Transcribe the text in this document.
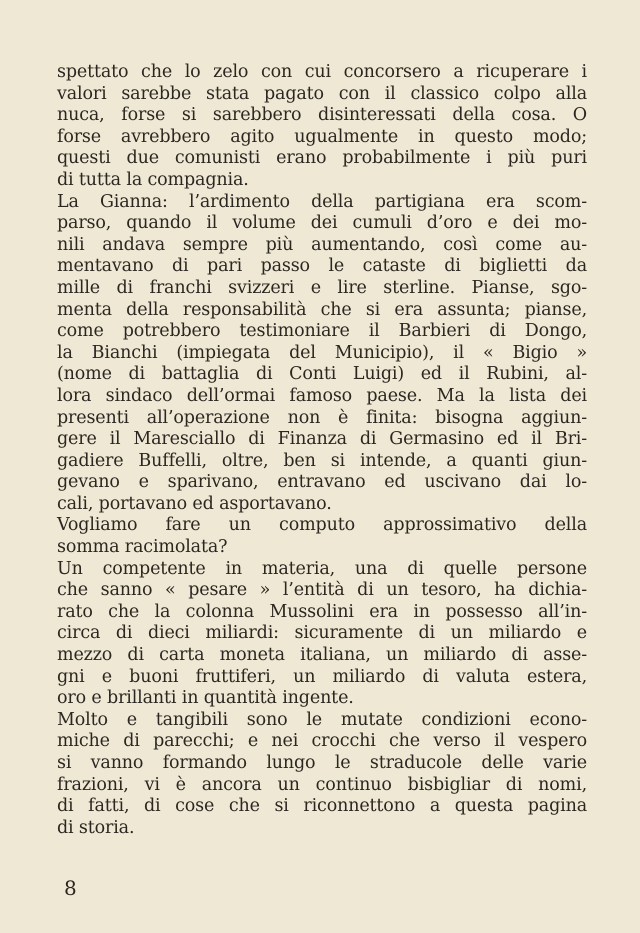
spettato che lo zelo con cui concorsero a ricuperare i
valori sarebbe stata pagato con il classico colpo alla
nuca, forse si sarebbero disinteressati della cosa. O
forse avrebbero agito ugualmente in questo modo;
questi due comunisti erano probabilmente i più puri
di tutta la compagnia.
La Gianna: l’ardimento della partigiana era scom-
parso, quando il volume dei cumuli d’oro e dei mo-
nili andava sempre più aumentando, così come au-
mentavano di pari passo le cataste di biglietti da
mille di franchi svizzeri e lire sterline. Pianse, sgo-
menta della responsabilità che si era assunta; pianse,
come potrebbero testimoniare il Barbieri di Dongo,
la Bianchi (impiegata del Municipio), il « Bigio »
(nome di battaglia di Conti Luigi) ed il Rubini, al-
lora sindaco dell’ormai famoso paese. Ma la lista dei
presenti all’operazione non è finita: bisogna aggiun-
gere il Maresciallo di Finanza di Germasino ed il Bri-
gadiere Buffelli, oltre, ben si intende, a quanti giun-
gevano e sparivano, entravano ed uscivano dai lo-
cali, portavano ed asportavano.
Vogliamo fare un computo approssimativo della
somma racimolata?
Un competente in materia, una di quelle persone
che sanno « pesare » l’entità di un tesoro, ha dichia-
rato che la colonna Mussolini era in possesso all’in-
circa di dieci miliardi: sicuramente di un miliardo e
mezzo di carta moneta italiana, un miliardo di asse-
gni e buoni fruttiferi, un miliardo di valuta estera,
oro e brillanti in quantità ingente.
Molto e tangibili sono le mutate condizioni econo-
miche di parecchi; e nei crocchi che verso il vespero
si vanno formando lungo le straducole delle varie
frazioni, vi è ancora un continuo bisbigliar di nomi,
di fatti, di cose che si riconnettono a questa pagina
di storia.
8
